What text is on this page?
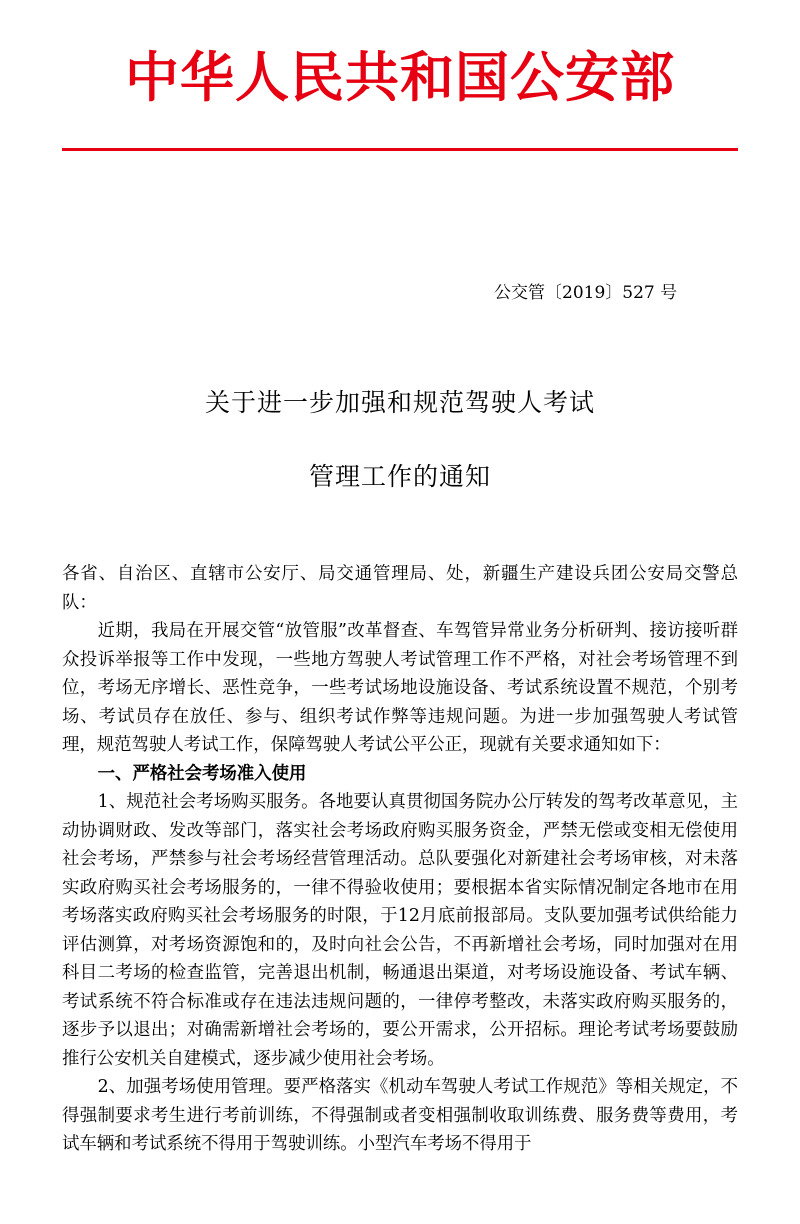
中华人民共和国公安部
公交管〔2019〕527 号
关于进一步加强和规范驾驶人考试
管理工作的通知

各省、自治区、直辖市公安厅、局交通管理局、处，新疆生产建设兵团公安局交警总队：

近期，我局在开展交管“放管服”改革督查、车驾管异常业务分析研判、接访接听群众投诉举报等工作中发现，一些地方驾驶人考试管理工作不严格，对社会考场管理不到位，考场无序增长、恶性竞争，一些考试场地设施设备、考试系统设置不规范，个别考场、考试员存在放任、参与、组织考试作弊等违规问题。为进一步加强驾驶人考试管理，规范驾驶人考试工作，保障驾驶人考试公平公正，现就有关要求通知如下：

一、严格社会考场准入使用

1、规范社会考场购买服务。各地要认真贯彻国务院办公厅转发的驾考改革意见，主动协调财政、发改等部门，落实社会考场政府购买服务资金，严禁无偿或变相无偿使用社会考场，严禁参与社会考场经营管理活动。总队要强化对新建社会考场审核，对未落实政府购买社会考场服务的，一律不得验收使用；要根据本省实际情况制定各地市在用考场落实政府购买社会考场服务的时限，于12月底前报部局。支队要加强考试供给能力评估测算，对考场资源饱和的，及时向社会公告，不再新增社会考场，同时加强对在用科目二考场的检查监管，完善退出机制，畅通退出渠道，对考场设施设备、考试车辆、考试系统不符合标准或存在违法违规问题的，一律停考整改，未落实政府购买服务的，逐步予以退出；对确需新增社会考场的，要公开需求，公开招标。理论考试考场要鼓励推行公安机关自建模式，逐步减少使用社会考场。

2、加强考场使用管理。要严格落实《机动车驾驶人考试工作规范》等相关规定，不得强制要求考生进行考前训练，不得强制或者变相强制收取训练费、服务费等费用，考试车辆和考试系统不得用于驾驶训练。小型汽车考场不得用于
